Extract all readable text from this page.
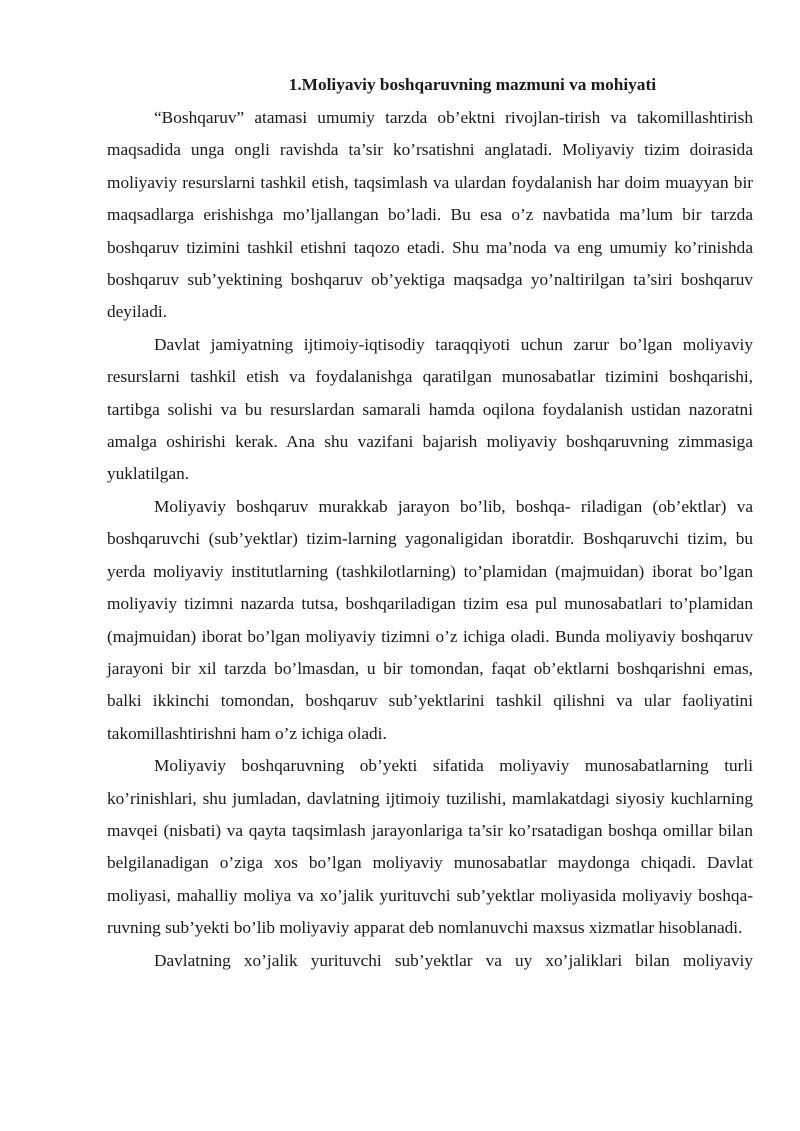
1.Moliyaviy boshqaruvning mazmuni va mohiyati

“Boshqaruv” atamasi umumiy tarzda ob’ektni rivojlan-tirish va takomillashtirish maqsadida unga ongli ravishda ta’sir ko’rsatishni anglatadi. Moliyaviy tizim doirasida moliyaviy resurslarni tashkil etish, taqsimlash va ulardan foydalanish har doim muayyan bir maqsadlarga erishishga mo’ljallangan bo’ladi. Bu esa o’z navbatida ma’lum bir tarzda boshqaruv tizimini tashkil etishni taqozo etadi. Shu ma’noda va eng umumiy ko’rinishda boshqaruv sub’yektining boshqaruv ob’yektiga maqsadga yo’naltirilgan ta’siri boshqaruv deyiladi.

Davlat jamiyatning ijtimoiy-iqtisodiy taraqqiyoti uchun zarur bo’lgan moliyaviy resurslarni tashkil etish va foydalanishga qaratilgan munosabatlar tizimini boshqarishi, tartibga solishi va bu resurslardan samarali hamda oqilona foydalanish ustidan nazoratni amalga oshirishi kerak. Ana shu vazifani bajarish moliyaviy boshqaruvning zimmasiga yuklatilgan.

Moliyaviy boshqaruv murakkab jarayon bo’lib, boshqa- riladigan (ob’ektlar) va boshqaruvchi (sub’yektlar) tizim-larning yagonaligidan iboratdir. Boshqaruvchi tizim, bu yerda moliyaviy institutlarning (tashkilotlarning) to’plamidan (majmuidan) iborat bo’lgan moliyaviy tizimni nazarda tutsa, boshqariladigan tizim esa pul munosabatlari to’plamidan (majmuidan) iborat bo’lgan moliyaviy tizimni o’z ichiga oladi. Bunda moliyaviy boshqaruv jarayoni bir xil tarzda bo’lmasdan, u bir tomondan, faqat ob’ektlarni boshqarishni emas, balki ikkinchi tomondan, boshqaruv sub’yektlarini tashkil qilishni va ular faoliyatini takomillashtirishni ham o’z ichiga oladi.

Moliyaviy boshqaruvning ob’yekti sifatida moliyaviy munosabatlarning turli ko’rinishlari, shu jumladan, davlatning ijtimoiy tuzilishi, mamlakatdagi siyosiy kuchlarning mavqei (nisbati) va qayta taqsimlash jarayonlariga ta’sir ko’rsatadigan boshqa omillar bilan belgilanadigan o’ziga xos bo’lgan moliyaviy munosabatlar maydonga chiqadi. Davlat moliyasi, mahalliy moliya va xo’jalik yurituvchi sub’yektlar moliyasida moliyaviy boshqa-ruvning sub’yekti bo’lib moliyaviy apparat deb nomlanuvchi maxsus xizmatlar hisoblanadi.

Davlatning xo’jalik yurituvchi sub’yektlar va uy xo’jaliklari bilan moliyaviy
